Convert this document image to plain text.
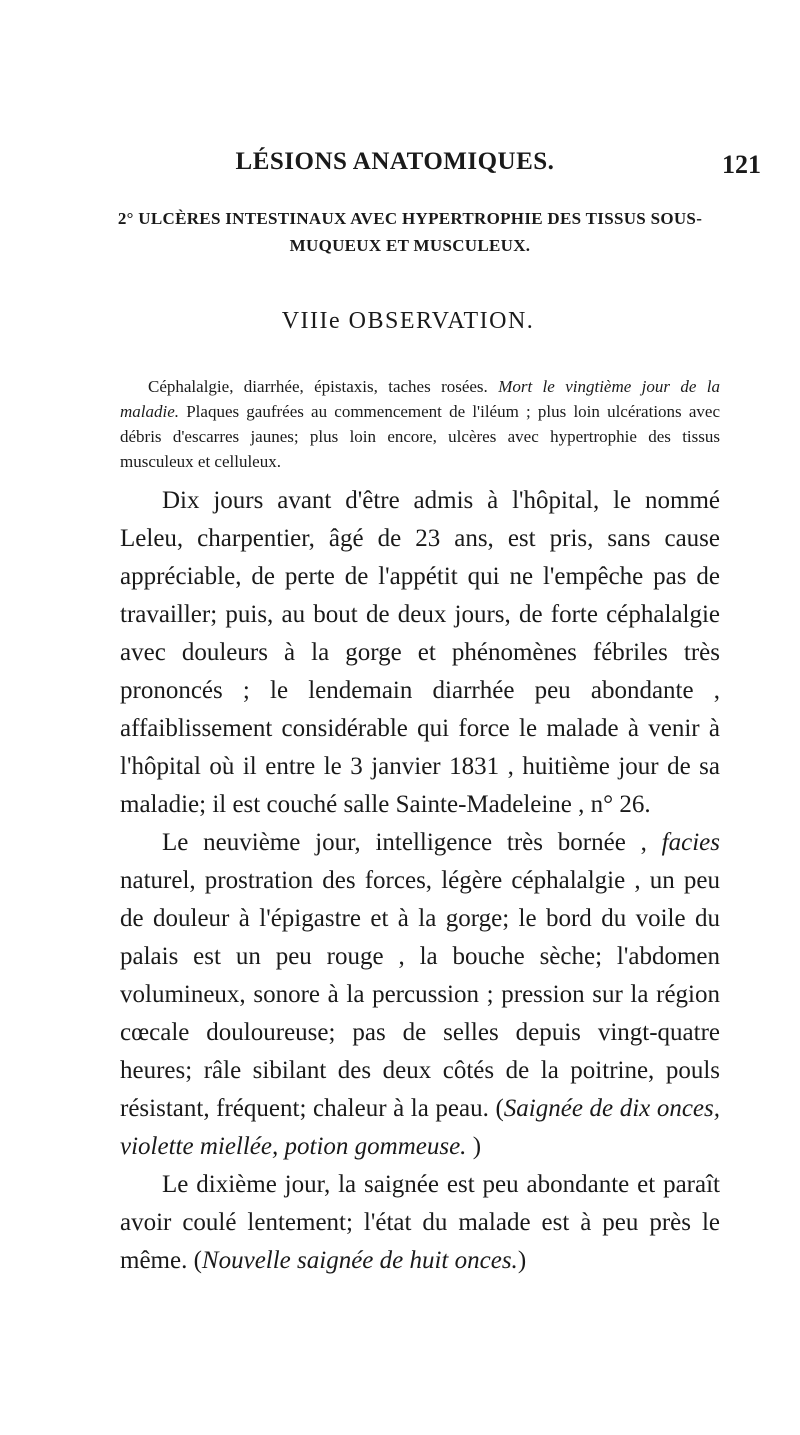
LÉSIONS ANATOMIQUES.	121
2° ULCÈRES INTESTINAUX AVEC HYPERTROPHIE DES TISSUS SOUS-MUQUEUX ET MUSCULEUX.
VIIIe OBSERVATION.
Céphalalgie, diarrhée, épistaxis, taches rosées. Mort le vingtième jour de la maladie. Plaques gaufrées au commencement de l'iléum ; plus loin ulcérations avec débris d'escarres jaunes; plus loin encore, ulcères avec hypertrophie des tissus musculeux et celluleux.

Dix jours avant d'être admis à l'hôpital, le nommé Leleu, charpentier, âgé de 23 ans, est pris, sans cause appréciable, de perte de l'appétit qui ne l'empêche pas de travailler; puis, au bout de deux jours, de forte céphalalgie avec douleurs à la gorge et phénomènes fébriles très prononcés ; le lendemain diarrhée peu abondante , affaiblissement considérable qui force le malade à venir à l'hôpital où il entre le 3 janvier 1831 , huitième jour de sa maladie; il est couché salle Sainte-Madeleine , n° 26.

Le neuvième jour, intelligence très bornée , facies naturel, prostration des forces, légère céphalalgie , un peu de douleur à l'épigastre et à la gorge; le bord du voile du palais est un peu rouge , la bouche sèche; l'abdomen volumineux, sonore à la percussion ; pression sur la région cœcale douloureuse; pas de selles depuis vingt-quatre heures; râle sibilant des deux côtés de la poitrine, pouls résistant, fréquent; chaleur à la peau. (Saignée de dix onces, violette miellée, potion gommeuse. )

Le dixième jour, la saignée est peu abondante et paraît avoir coulé lentement; l'état du malade est à peu près le même. (Nouvelle saignée de huit onces.)
